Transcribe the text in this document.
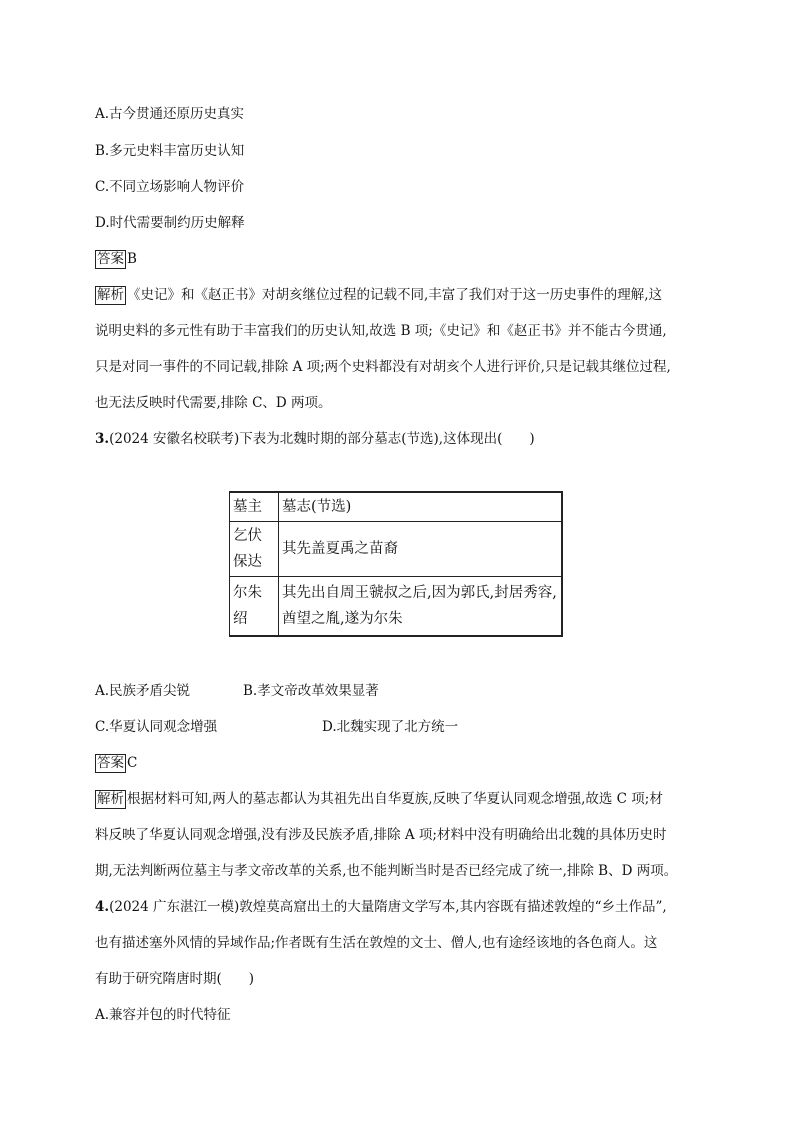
A.古今贯通还原历史真实
B.多元史料丰富历史认知
C.不同立场影响人物评价
D.时代需要制约历史解释
答案 B
解析 《史记》和《赵正书》对胡亥继位过程的记载不同,丰富了我们对于这一历史事件的理解,这
说明史料的多元性有助于丰富我们的历史认知,故选 B 项;《史记》和《赵正书》并不能古今贯通,
只是对同一事件的不同记载,排除 A 项;两个史料都没有对胡亥个人进行评价,只是记载其继位过程,
也无法反映时代需要,排除 C、D 两项。
3.(2024 安徽名校联考)下表为北魏时期的部分墓志(节选),这体现出(　　)
墓主	墓志(节选)
乞伏保达	其先盖夏禹之苗裔
尔朱绍	其先出自周王虢叔之后,因为郭氏,封居秀容,酋望之胤,遂为尔朱
A.民族矛盾尖锐	B.孝文帝改革效果显著
C.华夏认同观念增强	D.北魏实现了北方统一
答案 C
解析 根据材料可知,两人的墓志都认为其祖先出自华夏族,反映了华夏认同观念增强,故选 C 项;材
料反映了华夏认同观念增强,没有涉及民族矛盾,排除 A 项;材料中没有明确给出北魏的具体历史时
期,无法判断两位墓主与孝文帝改革的关系,也不能判断当时是否已经完成了统一,排除 B、D 两项。
4.(2024 广东湛江一模)敦煌莫高窟出土的大量隋唐文学写本,其内容既有描述敦煌的“乡土作品”,
也有描述塞外风情的异域作品;作者既有生活在敦煌的文士、僧人,也有途经该地的各色商人。这
有助于研究隋唐时期(　　)
A.兼容并包的时代特征
